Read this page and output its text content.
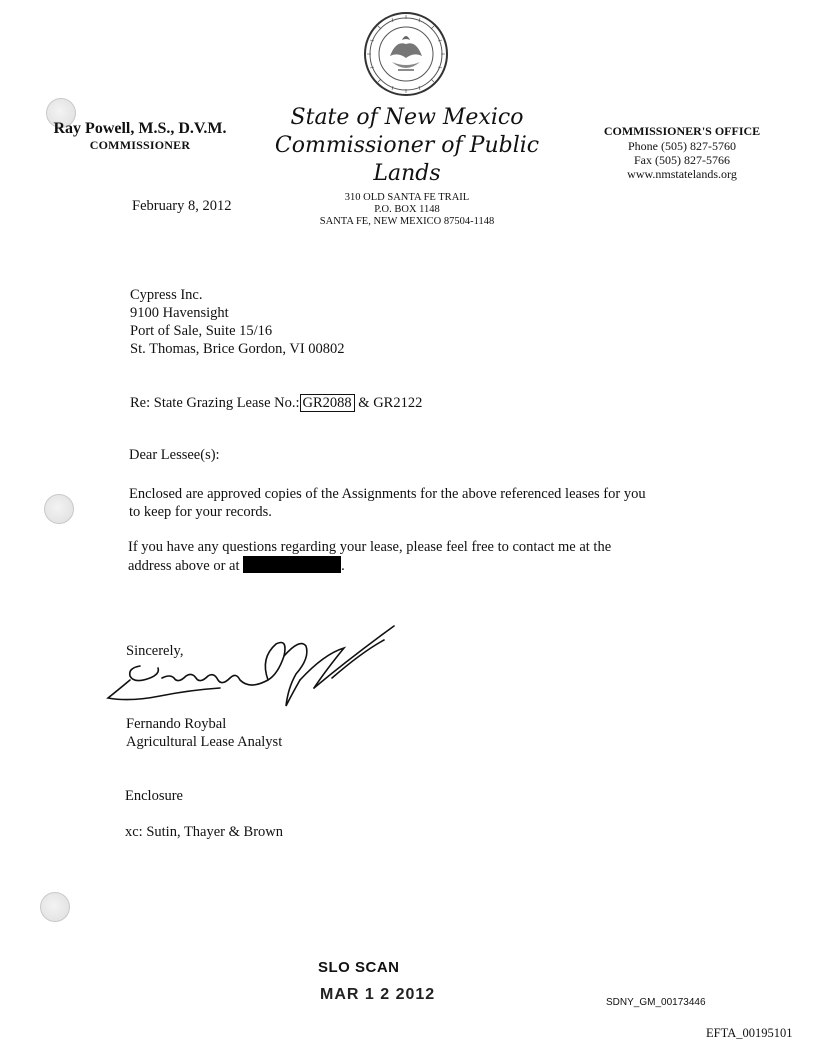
Ray Powell, M.S., D.V.M.
COMMISSIONER
State of New Mexico
Commissioner of Public Lands
310 OLD SANTA FE TRAIL
P.O. BOX 1148
SANTA FE, NEW MEXICO 87504-1148
COMMISSIONER'S OFFICE
Phone (505) 827-5760
Fax (505) 827-5766
www.nmstatelands.org
February 8, 2012
Cypress Inc.
9100 Havensight
Port of Sale, Suite 15/16
St. Thomas, Brice Gordon, VI 00802
Re: State Grazing Lease No.: GR2088 & GR2122
Dear Lessee(s):
Enclosed are approved copies of the Assignments for the above referenced leases for you
to keep for your records.
If you have any questions regarding your lease, please feel free to contact me at the
address above or at	.
Sincerely,
Fernando Roybal
Agricultural Lease Analyst
Enclosure
xc: Sutin, Thayer & Brown
SLO SCAN
MAR 1 2 2012	SDNY_GM_00173446
EFTA_00195101
